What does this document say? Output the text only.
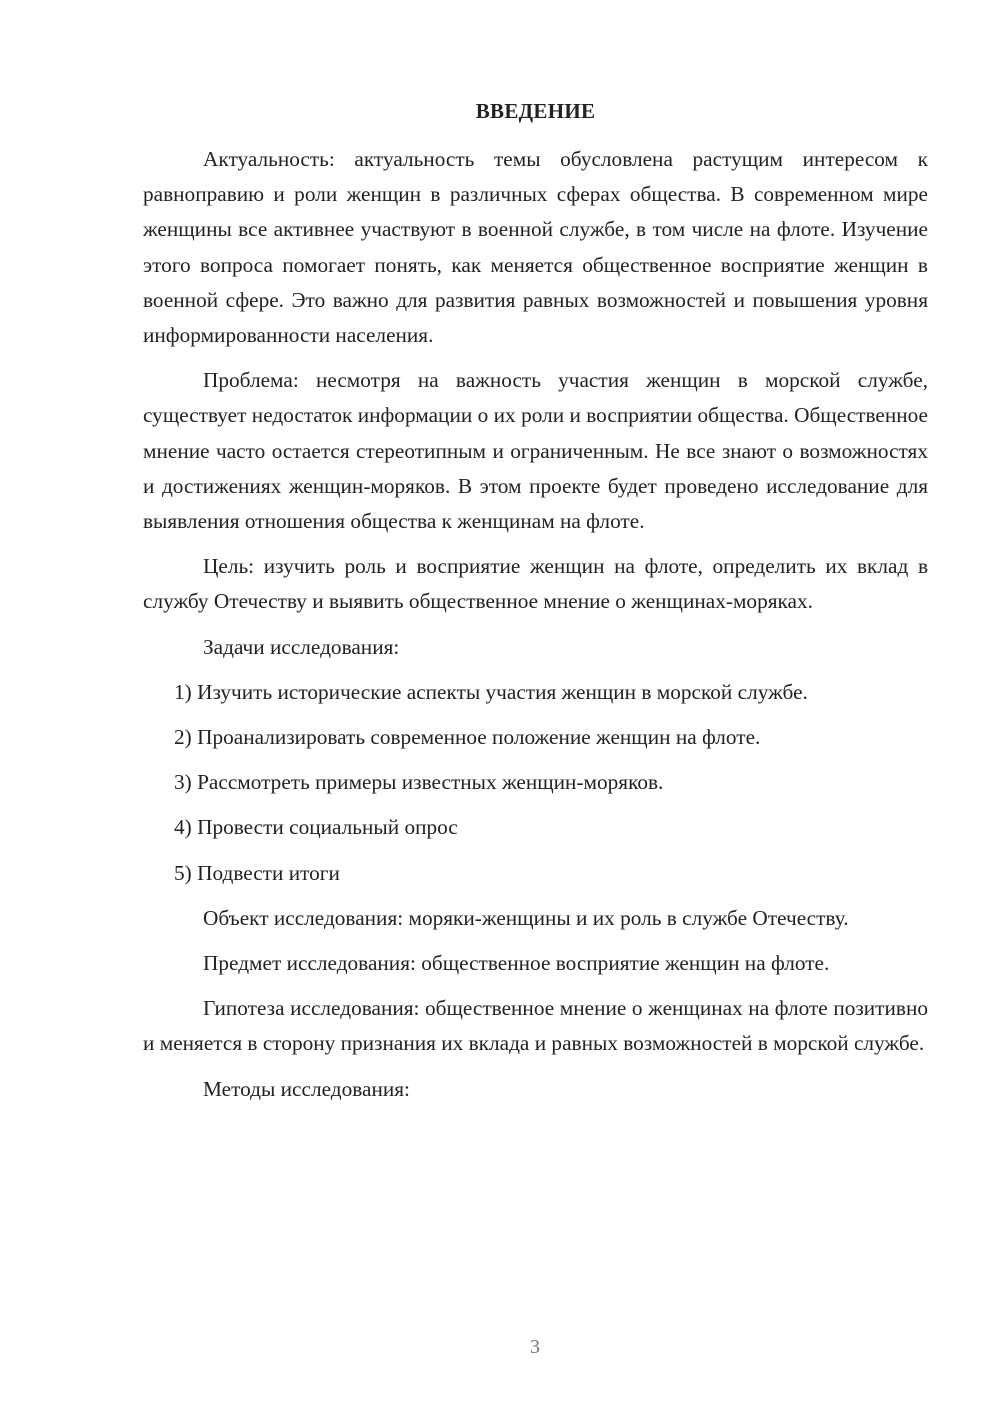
ВВЕДЕНИЕ

Актуальность: актуальность темы обусловлена растущим интересом к равноправию и роли женщин в различных сферах общества. В современном мире женщины все активнее участвуют в военной службе, в том числе на флоте. Изучение этого вопроса помогает понять, как меняется общественное восприятие женщин в военной сфере. Это важно для развития равных возможностей и повышения уровня информированности населения.

Проблема: несмотря на важность участия женщин в морской службе, существует недостаток информации о их роли и восприятии общества. Общественное мнение часто остается стереотипным и ограниченным. Не все знают о возможностях и достижениях женщин-моряков. В этом проекте будет проведено исследование для выявления отношения общества к женщинам на флоте.

Цель: изучить роль и восприятие женщин на флоте, определить их вклад в службу Отечеству и выявить общественное мнение о женщинах-моряках.

Задачи исследования:

1) Изучить исторические аспекты участия женщин в морской службе.
2) Проанализировать современное положение женщин на флоте.
3) Рассмотреть примеры известных женщин-моряков.
4) Провести социальный опрос
5) Подвести итоги

Объект исследования: моряки-женщины и их роль в службе Отечеству.

Предмет исследования: общественное восприятие женщин на флоте.

Гипотеза исследования: общественное мнение о женщинах на флоте позитивно и меняется в сторону признания их вклада и равных возможностей в морской службе.

Методы исследования:

3
